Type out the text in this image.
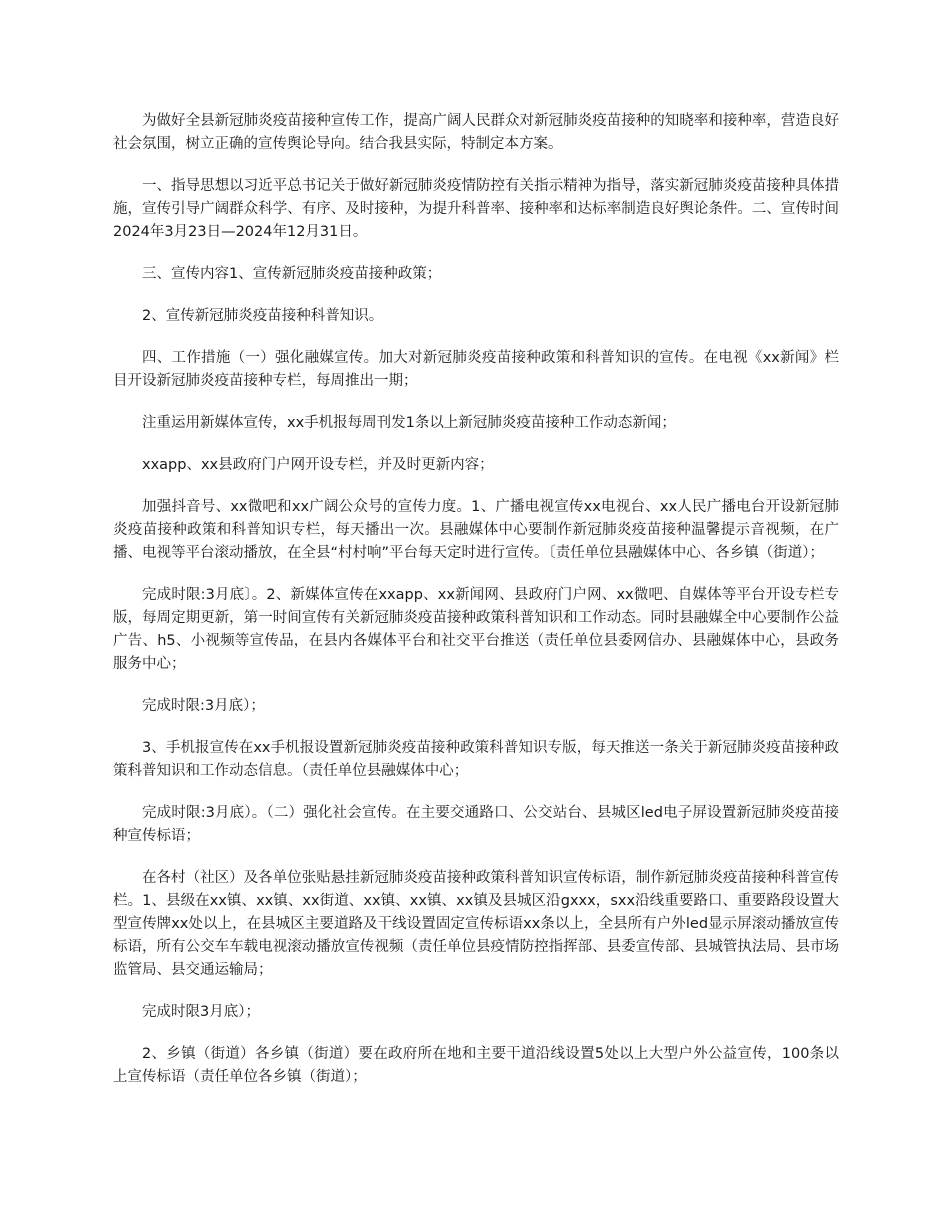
为做好全县新冠肺炎疫苗接种宣传工作，提高广阔人民群众对新冠肺炎疫苗接种的知晓率和接种率，营造良好社会氛围，树立正确的宣传舆论导向。结合我县实际，特制定本方案。

一、指导思想以习近平总书记关于做好新冠肺炎疫情防控有关指示精神为指导，落实新冠肺炎疫苗接种具体措施，宣传引导广阔群众科学、有序、及时接种，为提升科普率、接种率和达标率制造良好舆论条件。二、宣传时间2024年3月23日—2024年12月31日。

三、宣传内容1、宣传新冠肺炎疫苗接种政策；

2、宣传新冠肺炎疫苗接种科普知识。

四、工作措施（一）强化融媒宣传。加大对新冠肺炎疫苗接种政策和科普知识的宣传。在电视《xx新闻》栏目开设新冠肺炎疫苗接种专栏，每周推出一期；

注重运用新媒体宣传，xx手机报每周刊发1条以上新冠肺炎疫苗接种工作动态新闻；

xxapp、xx县政府门户网开设专栏，并及时更新内容；

加强抖音号、xx微吧和xx广阔公众号的宣传力度。1、广播电视宣传xx电视台、xx人民广播电台开设新冠肺炎疫苗接种政策和科普知识专栏，每天播出一次。县融媒体中心要制作新冠肺炎疫苗接种温馨提示音视频，在广播、电视等平台滚动播放，在全县“村村响”平台每天定时进行宣传。〔责任单位县融媒体中心、各乡镇（街道）；

完成时限:3月底〕。2、新媒体宣传在xxapp、xx新闻网、县政府门户网、xx微吧、自媒体等平台开设专栏专版，每周定期更新，第一时间宣传有关新冠肺炎疫苗接种政策科普知识和工作动态。同时县融媒全中心要制作公益广告、h5、小视频等宣传品，在县内各媒体平台和社交平台推送（责任单位县委网信办、县融媒体中心，县政务服务中心；

完成时限:3月底）；

3、手机报宣传在xx手机报设置新冠肺炎疫苗接种政策科普知识专版，每天推送一条关于新冠肺炎疫苗接种政策科普知识和工作动态信息。（责任单位县融媒体中心；

完成时限:3月底）。（二）强化社会宣传。在主要交通路口、公交站台、县城区led电子屏设置新冠肺炎疫苗接种宣传标语；

在各村（社区）及各单位张贴悬挂新冠肺炎疫苗接种政策科普知识宣传标语，制作新冠肺炎疫苗接种科普宣传栏。1、县级在xx镇、xx镇、xx街道、xx镇、xx镇、xx镇及县城区沿gxxx，sxx沿线重要路口、重要路段设置大型宣传牌xx处以上，在县城区主要道路及干线设置固定宣传标语xx条以上，全县所有户外led显示屏滚动播放宣传标语，所有公交车车载电视滚动播放宣传视频（责任单位县疫情防控指挥部、县委宣传部、县城管执法局、县市场监管局、县交通运输局；

完成时限3月底）；

2、乡镇（街道）各乡镇（街道）要在政府所在地和主要干道沿线设置5处以上大型户外公益宣传，100条以上宣传标语（责任单位各乡镇（街道）；
